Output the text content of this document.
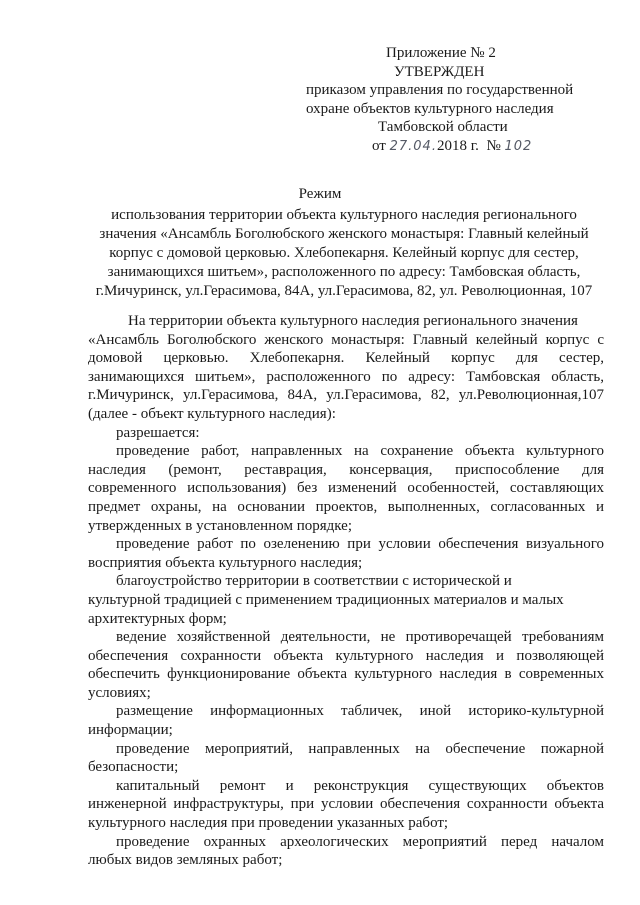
Приложение № 2
УТВЕРЖДЕН
приказом управления по государственной
охране объектов культурного наследия
Тамбовской области
от 27.04.2018 г. № 102
Режим
использования территории объекта культурного наследия регионального
значения «Ансамбль Боголюбского женского монастыря: Главный келейный
корпус с домовой церковью. Хлебопекарня. Келейный корпус для сестер,
занимающихся шитьем», расположенного по адресу: Тамбовская область,
г.Мичуринск, ул.Герасимова, 84А, ул.Герасимова, 82, ул. Революционная, 107
На территории объекта культурного наследия регионального значения
«Ансамбль Боголюбского женского монастыря: Главный келейный корпус с
домовой церковью. Хлебопекарня. Келейный корпус для сестер,
занимающихся шитьем», расположенного по адресу: Тамбовская область,
г.Мичуринск, ул.Герасимова, 84А, ул.Герасимова, 82, ул.Революционная,107
(далее - объект культурного наследия):
разрешается:
проведение работ, направленных на сохранение объекта культурного
наследия (ремонт, реставрация, консервация, приспособление для
современного использования) без изменений особенностей, составляющих
предмет охраны, на основании проектов, выполненных, согласованных и
утвержденных в установленном порядке;
проведение работ по озеленению при условии обеспечения визуального
восприятия объекта культурного наследия;
благоустройство территории в соответствии с исторической и
культурной традицией с применением традиционных материалов и малых
архитектурных форм;
ведение хозяйственной деятельности, не противоречащей требованиям
обеспечения сохранности объекта культурного наследия и позволяющей
обеспечить функционирование объекта культурного наследия в современных
условиях;
размещение информационных табличек, иной историко-культурной
информации;
проведение мероприятий, направленных на обеспечение пожарной
безопасности;
капитальный ремонт и реконструкция существующих объектов
инженерной инфраструктуры, при условии обеспечения сохранности объекта
культурного наследия при проведении указанных работ;
проведение охранных археологических мероприятий перед началом
любых видов земляных работ;
